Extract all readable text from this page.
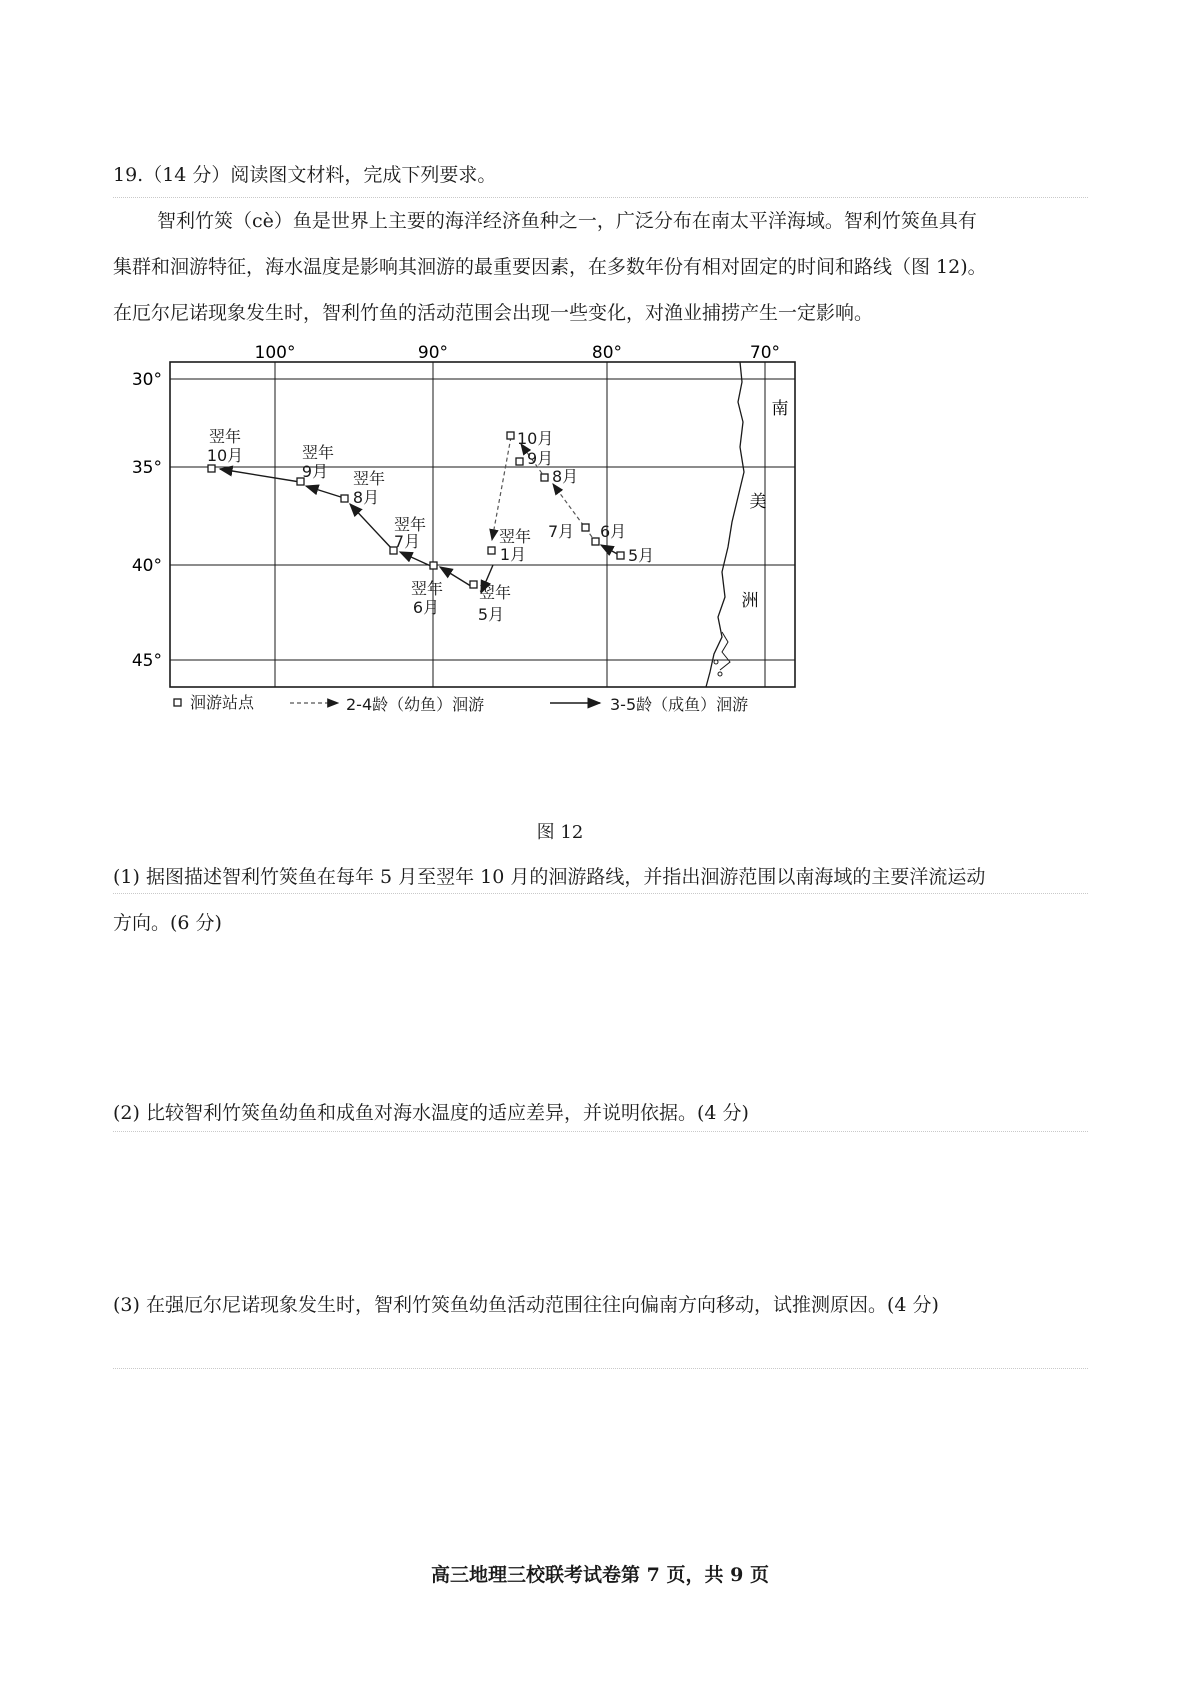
19.（14 分）阅读图文材料，完成下列要求。
智利竹筴（cè）鱼是世界上主要的海洋经济鱼种之一，广泛分布在南太平洋海域。智利竹筴鱼具有
集群和洄游特征，海水温度是影响其洄游的最重要因素，在多数年份有相对固定的时间和路线（图 12)。
在厄尔尼诺现象发生时，智利竹鱼的活动范围会出现一些变化，对渔业捕捞产生一定影响。
100°	90°	80°	70°
30°
35°
40°
45°
南
美
洲
翌年
10月	翌年
9月 翌年
8月
翌年
7月
翌年
6月
翌年
5月
翌年
1月
10月
9月
8月
7月 6月
5月
洄游站点	2-4龄（幼鱼）洄游	3-5龄（成鱼）洄游
图 12
(1) 据图描述智利竹筴鱼在每年 5 月至翌年 10 月的洄游路线，并指出洄游范围以南海域的主要洋流运动
方向。(6 分)
(2) 比较智利竹筴鱼幼鱼和成鱼对海水温度的适应差异，并说明依据。(4 分)
(3) 在强厄尔尼诺现象发生时，智利竹筴鱼幼鱼活动范围往往向偏南方向移动，试推测原因。(4 分)
高三地理三校联考试卷第 7 页，共 9 页
